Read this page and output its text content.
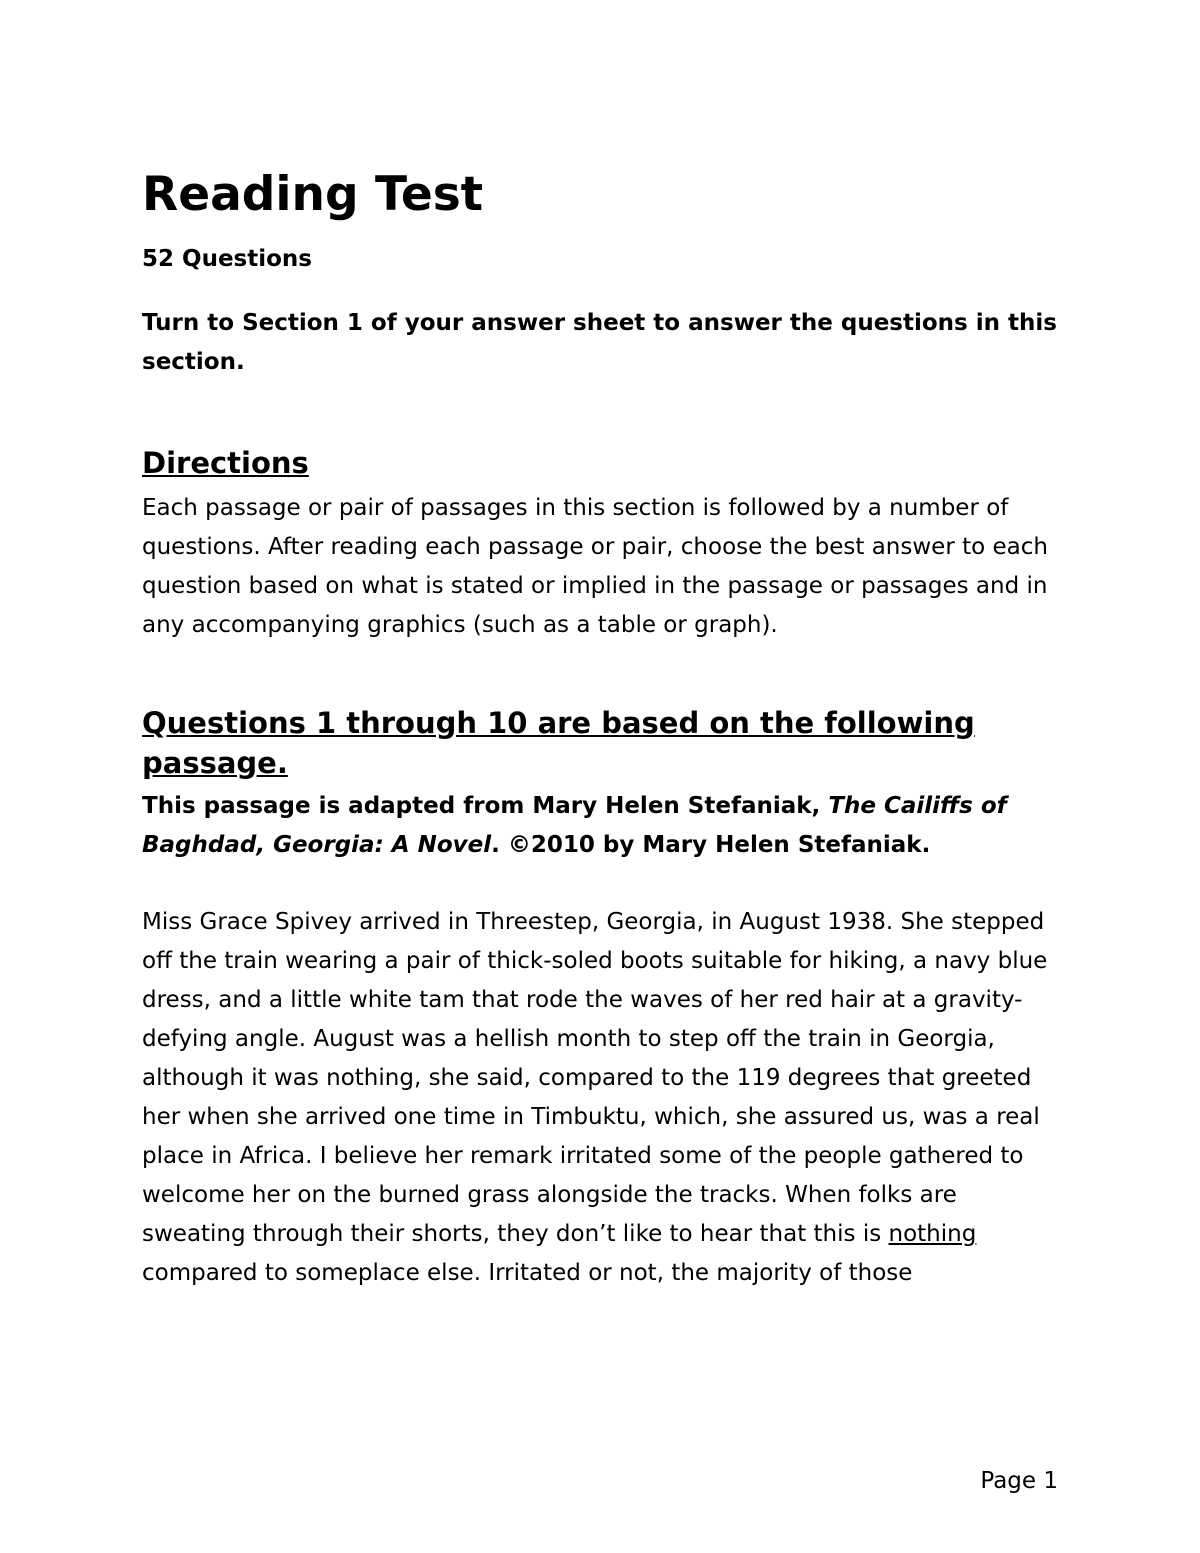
Reading Test

52 Questions

Turn to Section 1 of your answer sheet to answer the questions in this section.

Directions

Each passage or pair of passages in this section is followed by a number of questions. After reading each passage or pair, choose the best answer to each question based on what is stated or implied in the passage or passages and in any accompanying graphics (such as a table or graph).

Questions 1 through 10 are based on the following passage.

This passage is adapted from Mary Helen Stefaniak, The Cailiffs of Baghdad, Georgia: A Novel. ©2010 by Mary Helen Stefaniak.

Miss Grace Spivey arrived in Threestep, Georgia, in August 1938. She stepped off the train wearing a pair of thick-soled boots suitable for hiking, a navy blue dress, and a little white tam that rode the waves of her red hair at a gravity-defying angle. August was a hellish month to step off the train in Georgia, although it was nothing, she said, compared to the 119 degrees that greeted her when she arrived one time in Timbuktu, which, she assured us, was a real place in Africa. I believe her remark irritated some of the people gathered to welcome her on the burned grass alongside the tracks. When folks are sweating through their shorts, they don’t like to hear that this is nothing compared to someplace else. Irritated or not, the majority of those

Page 1
